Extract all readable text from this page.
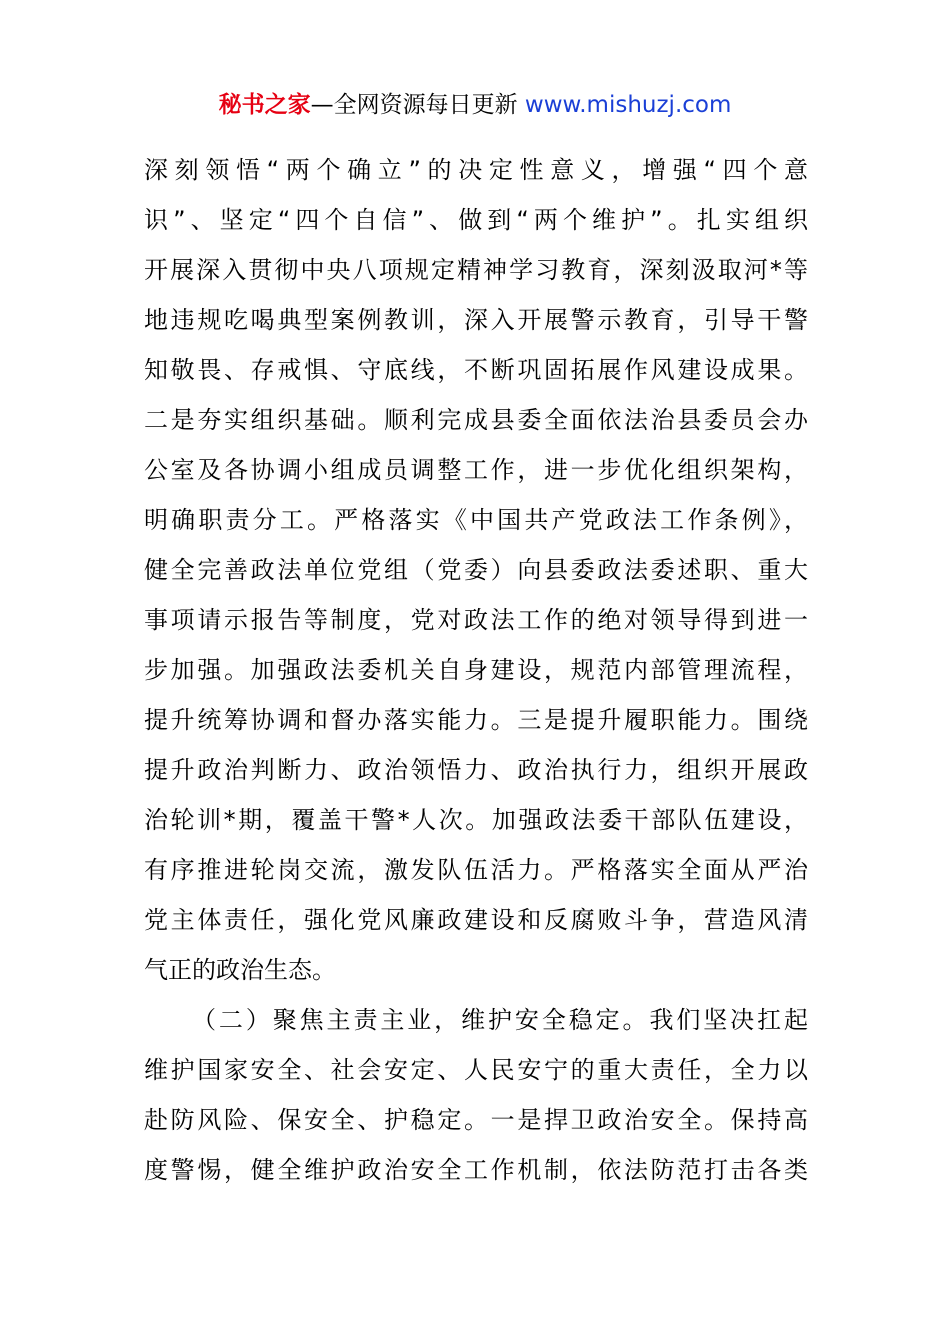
秘书之家—全网资源每日更新 www.mishuzj.com
深刻领悟“两个确立”的决定性意义，增强“四个意
识”、坚定“四个自信”、做到“两个维护”。扎实组织
开展深入贯彻中央八项规定精神学习教育，深刻汲取河*等
地违规吃喝典型案例教训，深入开展警示教育，引导干警
知敬畏、存戒惧、守底线，不断巩固拓展作风建设成果。
二是夯实组织基础。顺利完成县委全面依法治县委员会办
公室及各协调小组成员调整工作，进一步优化组织架构，
明确职责分工。严格落实《中国共产党政法工作条例》，
健全完善政法单位党组（党委）向县委政法委述职、重大
事项请示报告等制度，党对政法工作的绝对领导得到进一
步加强。加强政法委机关自身建设，规范内部管理流程，
提升统筹协调和督办落实能力。三是提升履职能力。围绕
提升政治判断力、政治领悟力、政治执行力，组织开展政
治轮训*期，覆盖干警*人次。加强政法委干部队伍建设，
有序推进轮岗交流，激发队伍活力。严格落实全面从严治
党主体责任，强化党风廉政建设和反腐败斗争，营造风清
气正的政治生态。
（二）聚焦主责主业，维护安全稳定。我们坚决扛起
维护国家安全、社会安定、人民安宁的重大责任，全力以
赴防风险、保安全、护稳定。一是捍卫政治安全。保持高
度警惕，健全维护政治安全工作机制，依法防范打击各类
